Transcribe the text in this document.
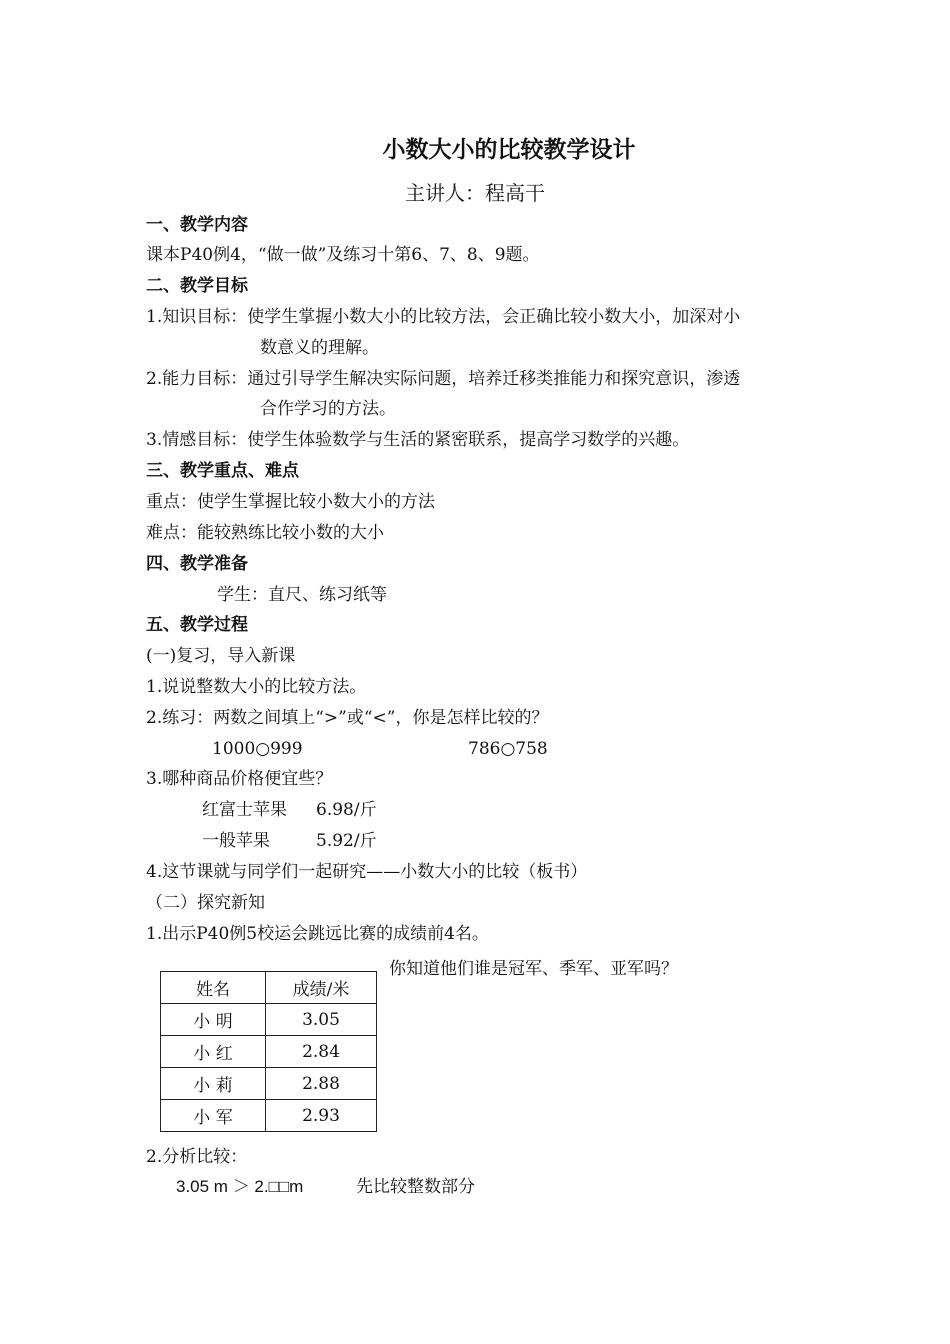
小数大小的比较教学设计
主讲人：程高干
一、教学内容
课本P40例4，“做一做”及练习十第6、7、8、9题。
二、教学目标
1.知识目标：使学生掌握小数大小的比较方法，会正确比较小数大小，加深对小
数意义的理解。
2.能力目标：通过引导学生解决实际问题，培养迁移类推能力和探究意识，渗透
合作学习的方法。
3.情感目标：使学生体验数学与生活的紧密联系，提高学习数学的兴趣。
三、教学重点、难点
重点：使学生掌握比较小数大小的方法
难点：能较熟练比较小数的大小
四、教学准备
学生：直尺、练习纸等
五、教学过程
(一)复习，导入新课
1.说说整数大小的比较方法。
2.练习：两数之间填上“>”或“<”，你是怎样比较的？
1000○999	786○758
3.哪种商品价格便宜些？
红富士苹果 6.98/斤
一般苹果	5.92/斤
4.这节课就与同学们一起研究——小数大小的比较（板书）
（二）探究新知
1.出示P40例5校运会跳远比赛的成绩前4名。
你知道他们谁是冠军、季军、亚军吗？
姓名	成绩/米
小 明	3.05
小 红	2.84
小 莉	2.88
小 军	2.93
2.分析比较：
3.05 m ＞ 2.□□m	先比较整数部分
